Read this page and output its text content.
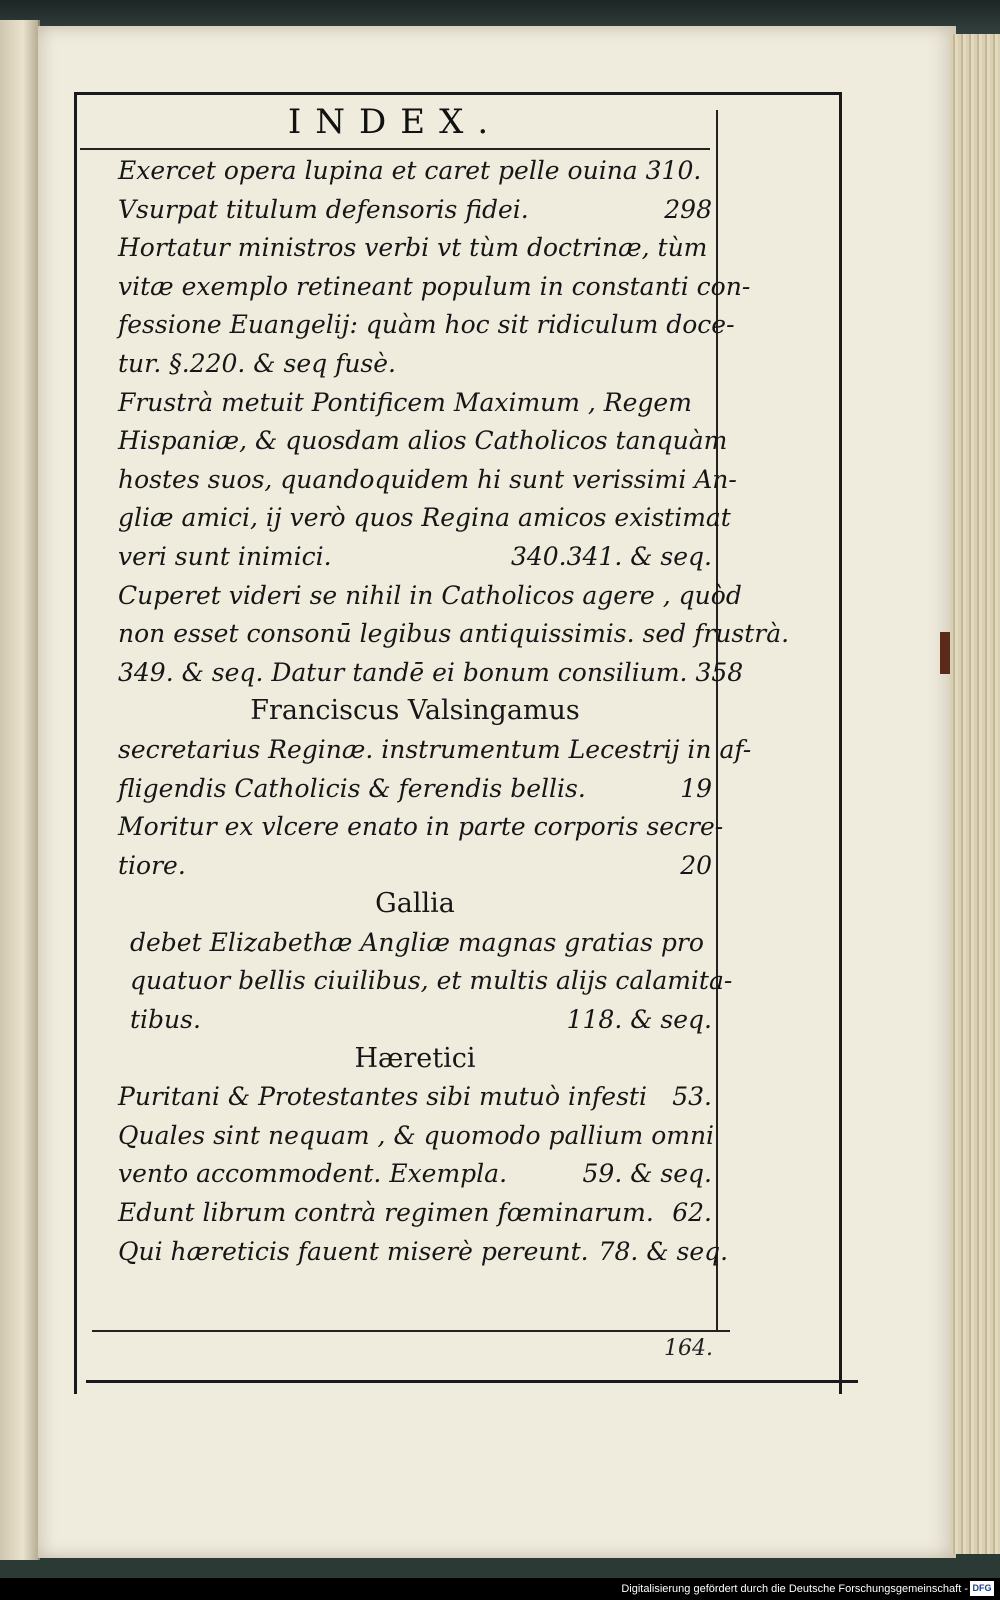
INDEX.
Exercet opera lupina et caret pelle ouina 310.
Vsurpat titulum defensoris fidei.	298
Hortatur ministros verbi vt tùm doctrinæ, tùm
vitæ exemplo retineant populum in constanti con-
fessione Euangelij: quàm hoc sit ridiculum doce-
tur. §.220. & seq fusè.
Frustrà metuit Pontificem Maximum , Regem
Hispaniæ, & quosdam alios Catholicos tanquàm
hostes suos, quandoquidem hi sunt verissimi An-
gliæ amici, ij verò quos Regina amicos existimat
veri sunt inimici.	340.341. & seq.
Cuperet videri se nihil in Catholicos agere , quòd
non esset consonū legibus antiquissimis. sed frustrà.
349. & seq. Datur tandē ei bonum consilium. 358
Franciscus Valsingamus
secretarius Reginæ. instrumentum Lecestrij in af-
fligendis Catholicis & ferendis bellis.	19
Moritur ex vlcere enato in parte corporis secre-
tiore.	20
Gallia
debet Elizabethæ Angliæ magnas gratias pro
quatuor bellis ciuilibus, et multis alijs calamita-
tibus.	118. & seq.
Hæretici
Puritani & Protestantes sibi mutuò infesti	53.
Quales sint nequam , & quomodo pallium omni
vento accommodent. Exempla.	59. & seq.
Edunt librum contrà regimen fœminarum. 62.
Qui hæreticis fauent miserè pereunt. 78. & seq.
164.
Digitalisierung gefördert durch die Deutsche Forschungsgemeinschaft - DFG
